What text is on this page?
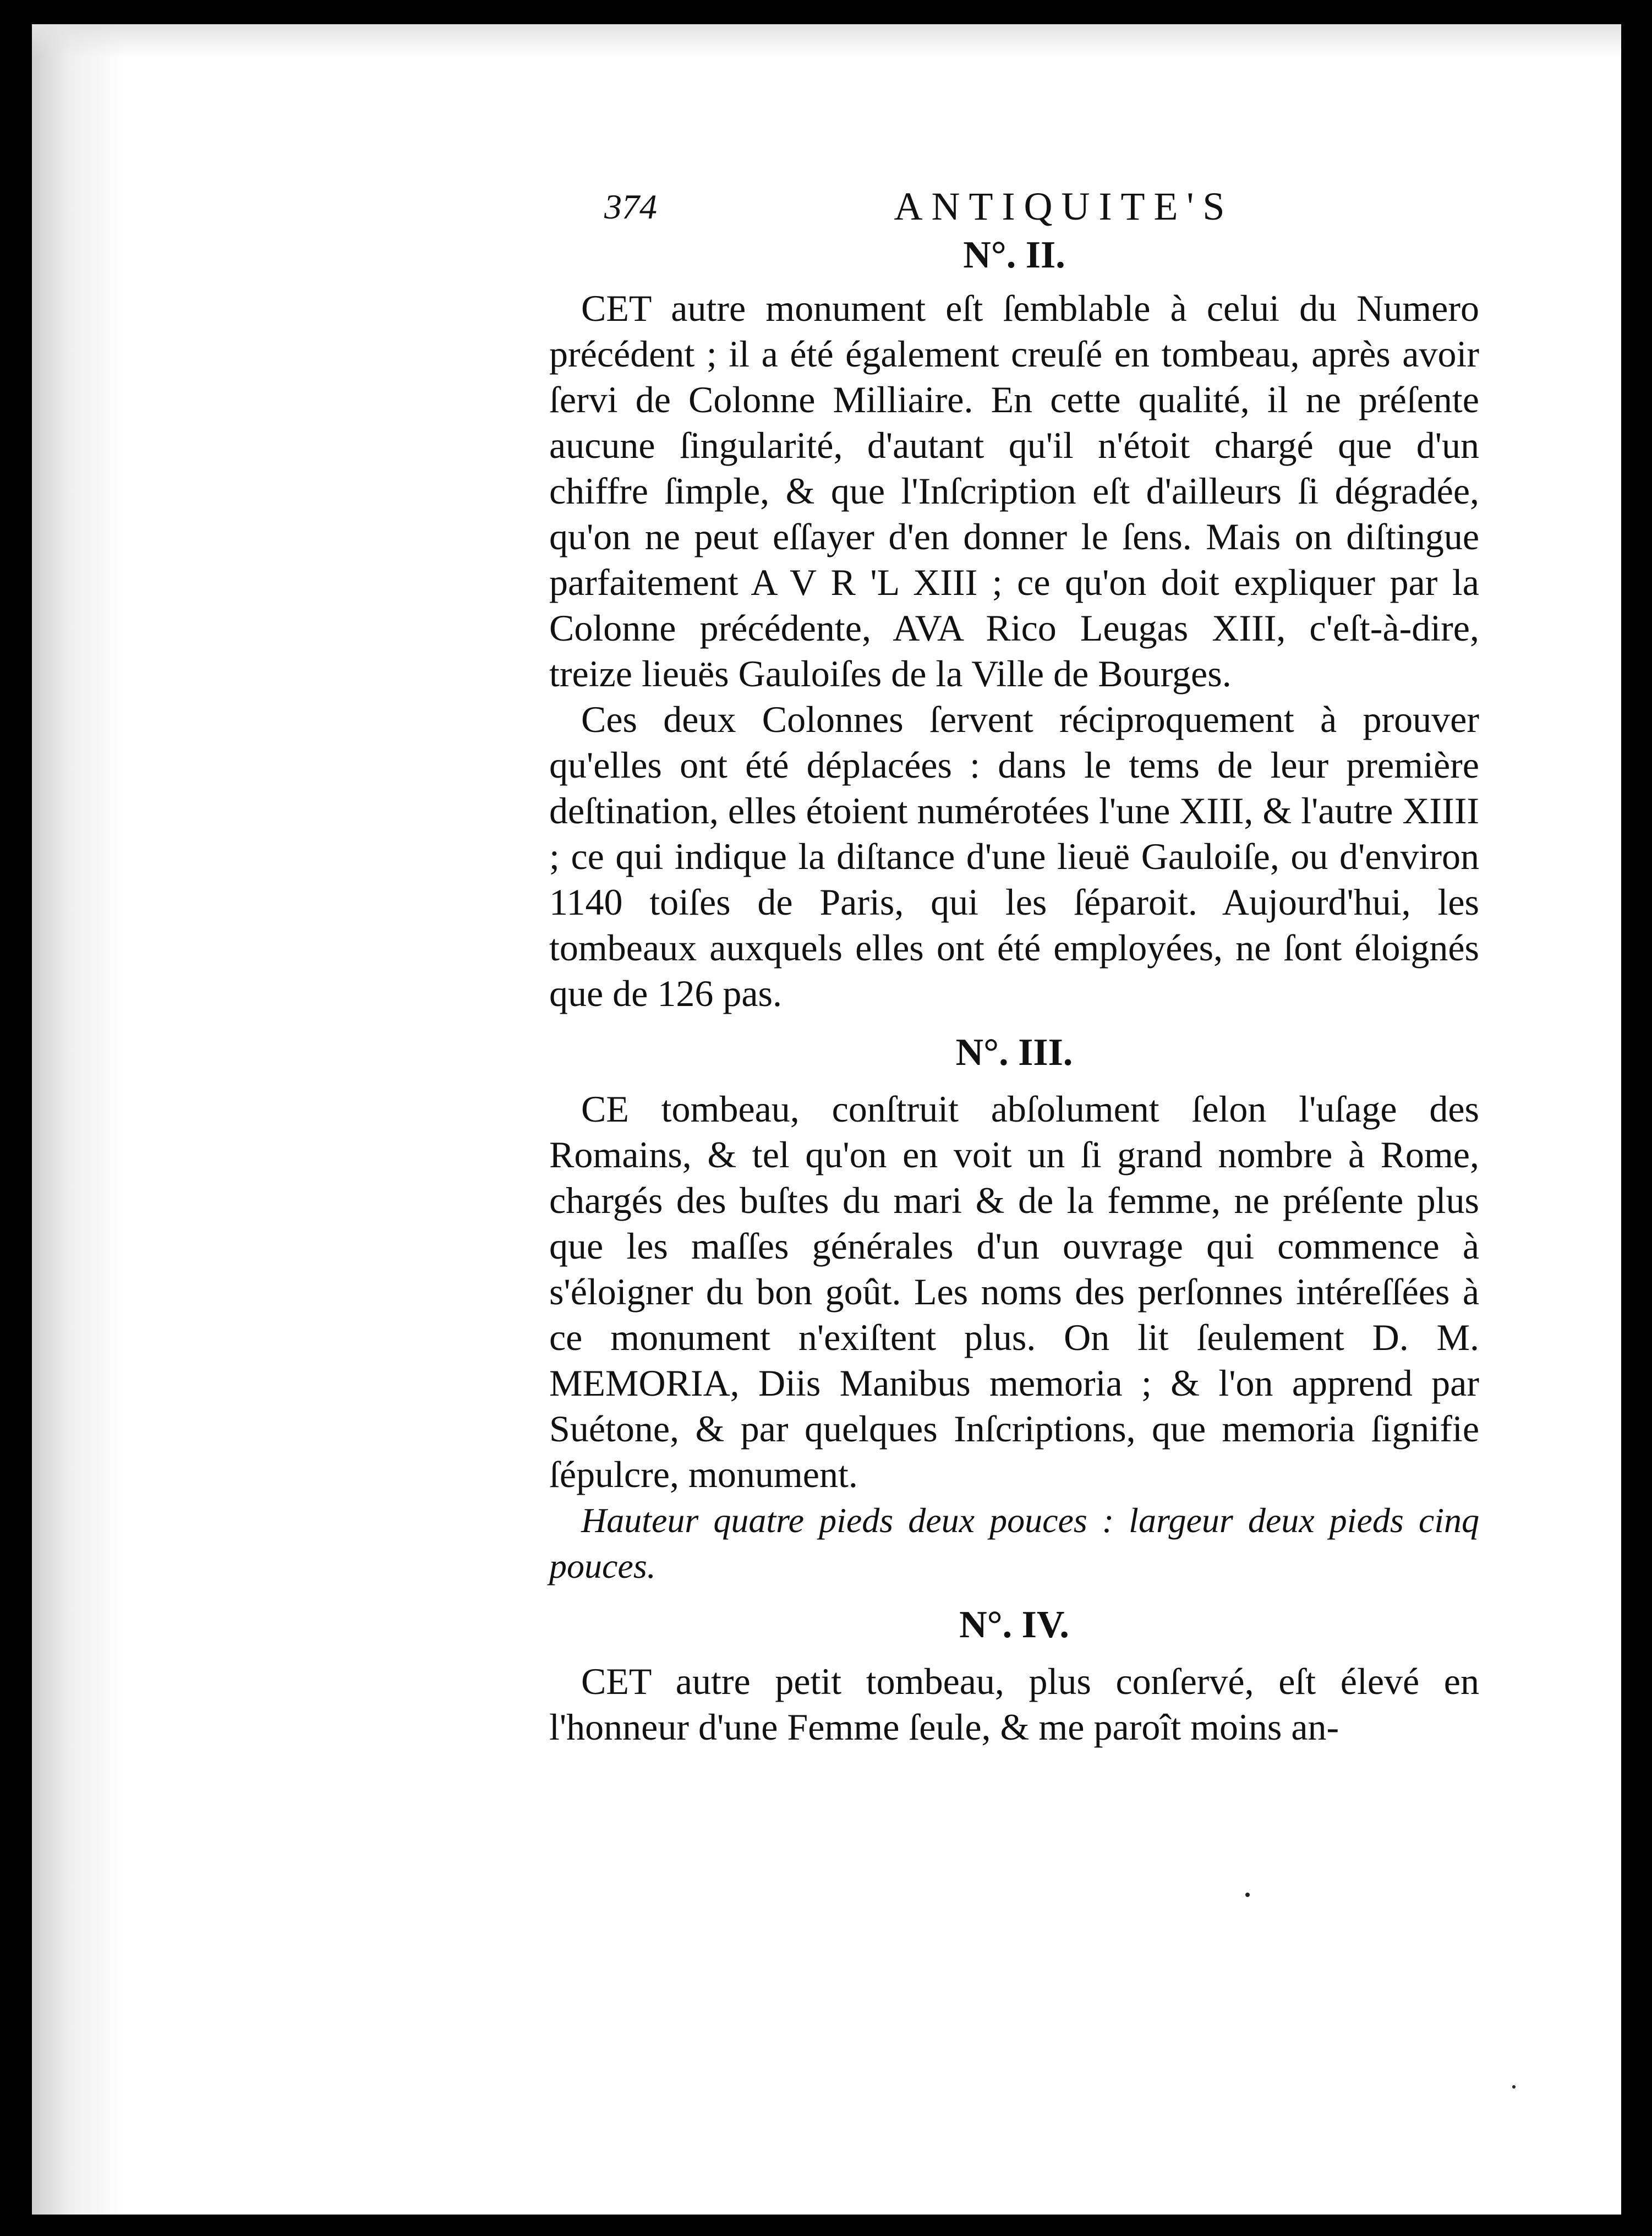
374	ANTIQUITE'S
N°. II.

CET autre monument eſt ſemblable à celui du Numero précédent ; il a été également creuſé en tombeau, après avoir ſervi de Colonne Milliaire. En cette qualité, il ne préſente aucune ſingularité, d'autant qu'il n'étoit chargé que d'un chiffre ſimple, & que l'Inſcription eſt d'ailleurs ſi dégradée, qu'on ne peut eſſayer d'en donner le ſens. Mais on diſtingue parfaitement A V R 'L XIII ; ce qu'on doit expliquer par la Colonne précédente, AVA Rico Leugas XIII, c'eſt-à-dire, treize lieuës Gauloiſes de la Ville de Bourges.

Ces deux Colonnes ſervent réciproquement à prouver qu'elles ont été déplacées : dans le tems de leur première deſtination, elles étoient numérotées l'une XIII, & l'autre XIIII ; ce qui indique la diſtance d'une lieuë Gauloiſe, ou d'environ 1140 toiſes de Paris, qui les ſéparoit. Aujourd'hui, les tombeaux auxquels elles ont été employées, ne ſont éloignés que de 126 pas.

N°. III.

CE tombeau, conſtruit abſolument ſelon l'uſage des Romains, & tel qu'on en voit un ſi grand nombre à Rome, chargés des buſtes du mari & de la femme, ne préſente plus que les maſſes générales d'un ouvrage qui commence à s'éloigner du bon goût. Les noms des perſonnes intéreſſées à ce monument n'exiſtent plus. On lit ſeulement D. M. MEMORIA, Diis Manibus memoria ; & l'on apprend par Suétone, & par quelques Inſcriptions, que memoria ſignifie ſépulcre, monument.

Hauteur quatre pieds deux pouces : largeur deux pieds cinq pouces.

N°. IV.

CET autre petit tombeau, plus conſervé, eſt élevé en l'honneur d'une Femme ſeule, & me paroît moins an-
